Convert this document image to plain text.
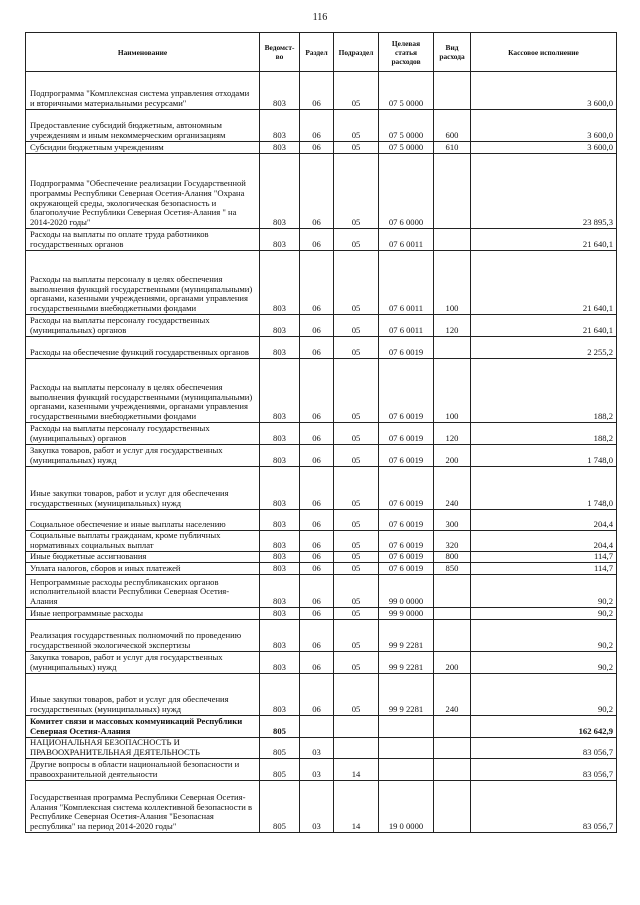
116
Наименование	Ведомст-во	Раздел	Подраздел	Целевая статья расходов	Вид расхода	Кассовое исполнение
Подпрограмма "Комплексная система управления отходами и вторичными материальными ресурсами"	803	06	05	07 5 0000		3 600,0
Предоставление субсидий бюджетным, автономным учреждениям и иным некоммерческим организациям	803	06	05	07 5 0000	600	3 600,0
Субсидии бюджетным учреждениям	803	06	05	07 5 0000	610	3 600,0
Подпрограмма "Обеспечение реализации Государственной программы Республики Северная Осетия-Алания "Охрана окружающей среды, экологическая безопасность и благополучие Республики Северная Осетия-Алания " на 2014-2020 годы"	803	06	05	07 6 0000		23 895,3
Расходы на выплаты по оплате труда работников государственных органов	803	06	05	07 6 0011		21 640,1
Расходы на выплаты персоналу в целях обеспечения выполнения функций государственными (муниципальными) органами, казенными учреждениями, органами управления государственными внебюджетными фондами	803	06	05	07 6 0011	100	21 640,1
Расходы на выплаты персоналу государственных (муниципальных) органов	803	06	05	07 6 0011	120	21 640,1
Расходы на обеспечение функций государственных органов	803	06	05	07 6 0019		2 255,2
Расходы на выплаты персоналу в целях обеспечения выполнения функций государственными (муниципальными) органами, казенными учреждениями, органами управления государственными внебюджетными фондами	803	06	05	07 6 0019	100	188,2
Расходы на выплаты персоналу государственных (муниципальных) органов	803	06	05	07 6 0019	120	188,2
Закупка товаров, работ и услуг для государственных (муниципальных) нужд	803	06	05	07 6 0019	200	1 748,0
Иные закупки товаров, работ и услуг для обеспечения государственных (муниципальных) нужд	803	06	05	07 6 0019	240	1 748,0
Социальное обеспечение и иные выплаты населению	803	06	05	07 6 0019	300	204,4
Социальные выплаты гражданам, кроме публичных нормативных социальных выплат	803	06	05	07 6 0019	320	204,4
Иные бюджетные ассигнования	803	06	05	07 6 0019	800	114,7
Уплата налогов, сборов и иных платежей	803	06	05	07 6 0019	850	114,7
Непрограммные расходы республиканских органов исполнительной власти Республики Северная Осетия-Алания	803	06	05	99 0 0000		90,2
Иные непрограммные расходы	803	06	05	99 9 0000		90,2
Реализация государственных полномочий по проведению государственной экологической экспертизы	803	06	05	99 9 2281		90,2
Закупка товаров, работ и услуг для государственных (муниципальных) нужд	803	06	05	99 9 2281	200	90,2
Иные закупки товаров, работ и услуг для обеспечения государственных (муниципальных) нужд	803	06	05	99 9 2281	240	90,2
Комитет связи и массовых коммуникаций Республики Северная Осетия-Алания	805					162 642,9
НАЦИОНАЛЬНАЯ БЕЗОПАСНОСТЬ И ПРАВООХРАНИТЕЛЬНАЯ ДЕЯТЕЛЬНОСТЬ	805	03				83 056,7
Другие вопросы в области национальной безопасности и правоохранительной деятельности	805	03	14			83 056,7
Государственная программа Республики Северная Осетия-Алания "Комплексная система коллективной безопасности в Республике Северная Осетия-Алания "Безопасная республика" на период 2014-2020 годы"	805	03	14	19 0 0000		83 056,7
